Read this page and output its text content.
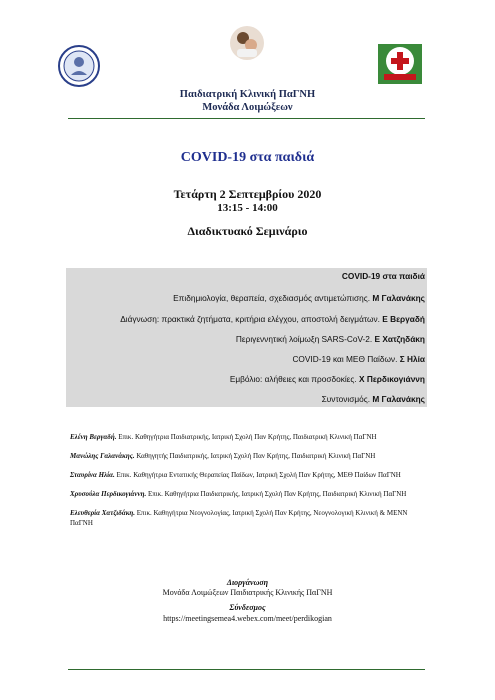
Παιδιατρική Κλινική ΠαΓΝΗ
Μονάδα Λοιμώξεων
COVID-19 στα παιδιά
Τετάρτη 2 Σεπτεμβρίου 2020
13:15 - 14:00
Διαδικτυακό Σεμινάριο
COVID-19 στα παιδιά
Επιδημιολογία, θεραπεία, σχεδιασμός αντιμετώπισης. Μ Γαλανάκης
Διάγνωση: πρακτικά ζητήματα, κριτήρια ελέγχου, αποστολή δειγμάτων. Ε Βεργαδή
Περιγεννητική λοίμωξη SARS-CoV-2. Ε Χατζηδάκη
COVID-19 και ΜΕΘ Παίδων. Σ Ηλία
Εμβόλιο: αλήθειες και προσδοκίες. Χ Περδικογιάννη
Συντονισμός. Μ Γαλανάκης
Ελένη Βεργαδή. Επικ. Καθηγήτρια Παιδιατρικής, Ιατρική Σχολή Παν Κρήτης, Παιδιατρική Κλινική ΠαΓΝΗ
Μανώλης Γαλανάκης. Καθηγητής Παιδιατρικής, Ιατρική Σχολή Παν Κρήτης, Παιδιατρική Κλινική ΠαΓΝΗ
Σταυρίνα Ηλία. Επικ. Καθηγήτρια Εντατικής Θεραπείας Παίδων, Ιατρική Σχολή Παν Κρήτης, ΜΕΘ Παίδων ΠαΓΝΗ
Χρυσούλα Περδικογιάννη. Επικ. Καθηγήτρια Παιδιατρικής, Ιατρική Σχολή Παν Κρήτης, Παιδιατρική Κλινική ΠαΓΝΗ
Ελευθερία Χατζιδάκη. Επικ. Καθηγήτρια Νεογνολογίας, Ιατρική Σχολή Παν Κρήτης, Νεογνολογική Κλινική & ΜΕΝΝ ΠαΓΝΗ
Διοργάνωση
Μονάδα Λοιμώξεων Παιδιατρικής Κλινικής ΠαΓΝΗ
Σύνδεσμος
https://meetingsemea4.webex.com/meet/perdikogian
